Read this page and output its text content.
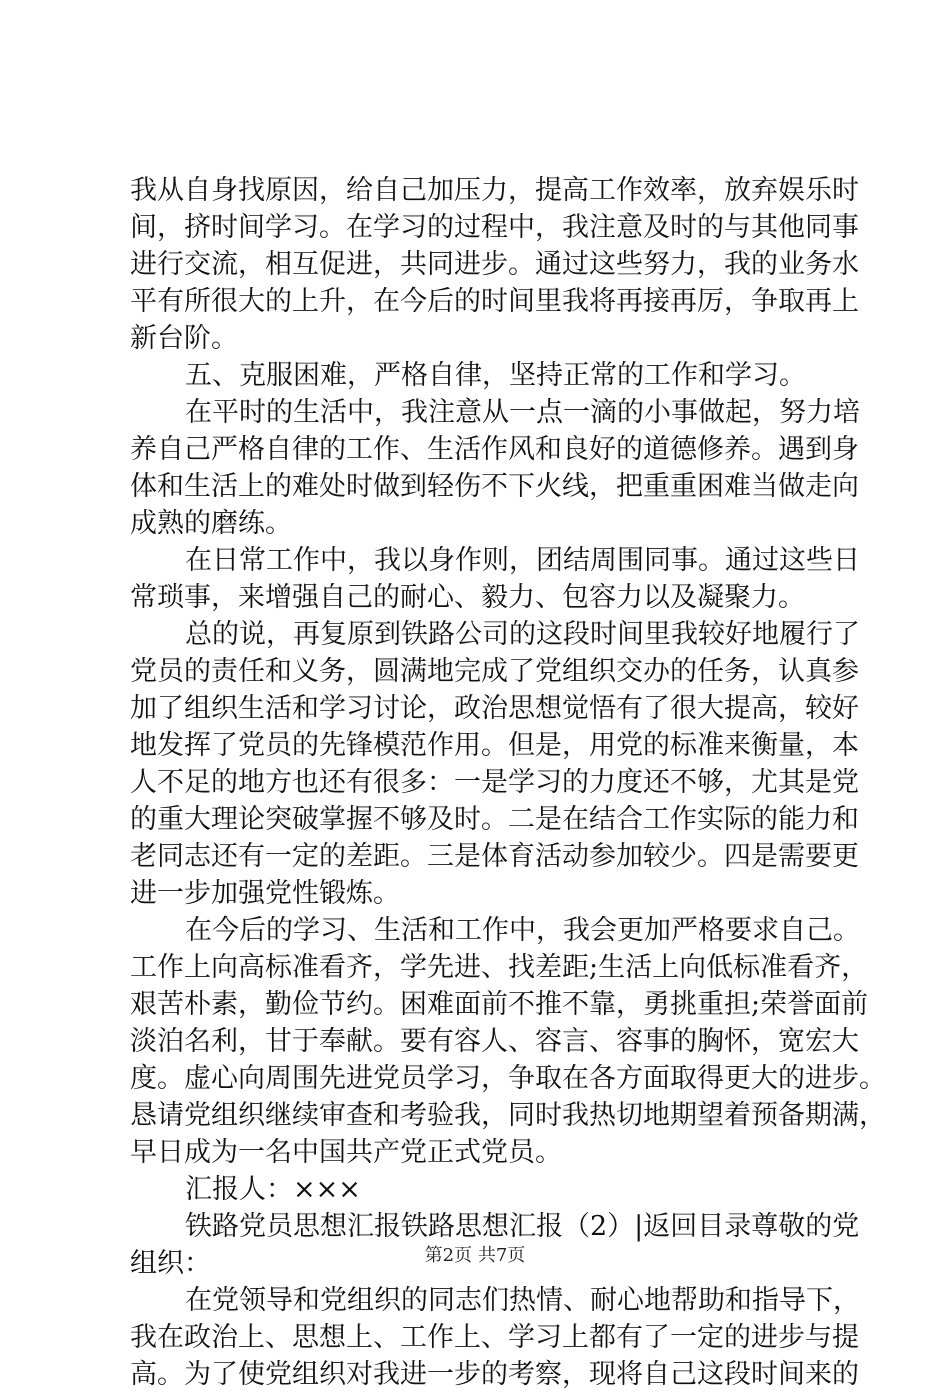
我从自身找原因，给自己加压力，提高工作效率，放弃娱乐时
间，挤时间学习。在学习的过程中，我注意及时的与其他同事
进行交流，相互促进，共同进步。通过这些努力，我的业务水
平有所很大的上升，在今后的时间里我将再接再厉，争取再上
新台阶。
五、克服困难，严格自律，坚持正常的工作和学习。
在平时的生活中，我注意从一点一滴的小事做起，努力培
养自己严格自律的工作、生活作风和良好的道德修养。遇到身
体和生活上的难处时做到轻伤不下火线，把重重困难当做走向
成熟的磨练。
在日常工作中，我以身作则，团结周围同事。通过这些日
常琐事，来增强自己的耐心、毅力、包容力以及凝聚力。
总的说，再复原到铁路公司的这段时间里我较好地履行了
党员的责任和义务，圆满地完成了党组织交办的任务，认真参
加了组织生活和学习讨论，政治思想觉悟有了很大提高，较好
地发挥了党员的先锋模范作用。但是，用党的标准来衡量，本
人不足的地方也还有很多：一是学习的力度还不够，尤其是党
的重大理论突破掌握不够及时。二是在结合工作实际的能力和
老同志还有一定的差距。三是体育活动参加较少。四是需要更
进一步加强党性锻炼。
在今后的学习、生活和工作中，我会更加严格要求自己。
工作上向高标准看齐，学先进、找差距;生活上向低标准看齐，
艰苦朴素，勤俭节约。困难面前不推不靠，勇挑重担;荣誉面前
淡泊名利，甘于奉献。要有容人、容言、容事的胸怀，宽宏大
度。虚心向周围先进党员学习，争取在各方面取得更大的进步。
恳请党组织继续审查和考验我，同时我热切地期望着预备期满，
早日成为一名中国共产党正式党员。
汇报人：×××
铁路党员思想汇报铁路思想汇报（2）|返回目录尊敬的党
组织：
在党领导和党组织的同志们热情、耐心地帮助和指导下，
我在政治上、思想上、工作上、学习上都有了一定的进步与提
高。为了使党组织对我进一步的考察，现将自己这段时间来的
第2页 共7页
